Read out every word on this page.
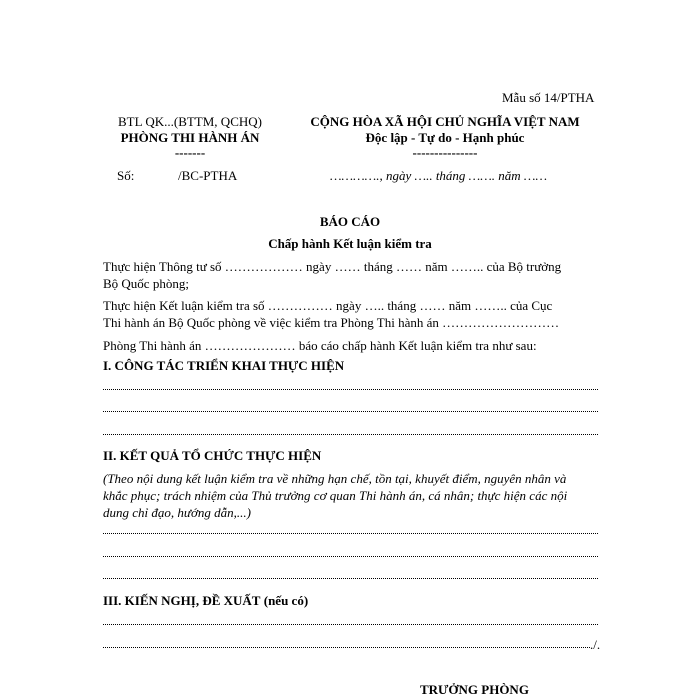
Mẫu số 14/PTHA
BTL QK...(BTTM, QCHQ)
PHÒNG THI HÀNH ÁN
-------
CỘNG HÒA XÃ HỘI CHỦ NGHĨA VIỆT NAM
Độc lập - Tự do - Hạnh phúc
---------------
Số:	/BC-PTHA	…………., ngày ….. tháng ……. năm ……
BÁO CÁO
Chấp hành Kết luận kiểm tra
Thực hiện Thông tư số ……………… ngày …… tháng …… năm …….. của Bộ trưởng
Bộ Quốc phòng;
Thực hiện Kết luận kiểm tra số …………… ngày ….. tháng …… năm …….. của Cục
Thi hành án Bộ Quốc phòng về việc kiểm tra Phòng Thi hành án ………………………
Phòng Thi hành án ………………… báo cáo chấp hành Kết luận kiểm tra như sau:
I. CÔNG TÁC TRIỂN KHAI THỰC HIỆN
II. KẾT QUẢ TỔ CHỨC THỰC HIỆN
(Theo nội dung kết luận kiểm tra về những hạn chế, tồn tại, khuyết điểm, nguyên nhân và
khắc phục; trách nhiệm của Thủ trưởng cơ quan Thi hành án, cá nhân; thực hiện các nội
dung chỉ đạo, hướng dẫn,...)
III. KIẾN NGHỊ, ĐỀ XUẤT (nếu có)
./.
TRƯỞNG PHÒNG
